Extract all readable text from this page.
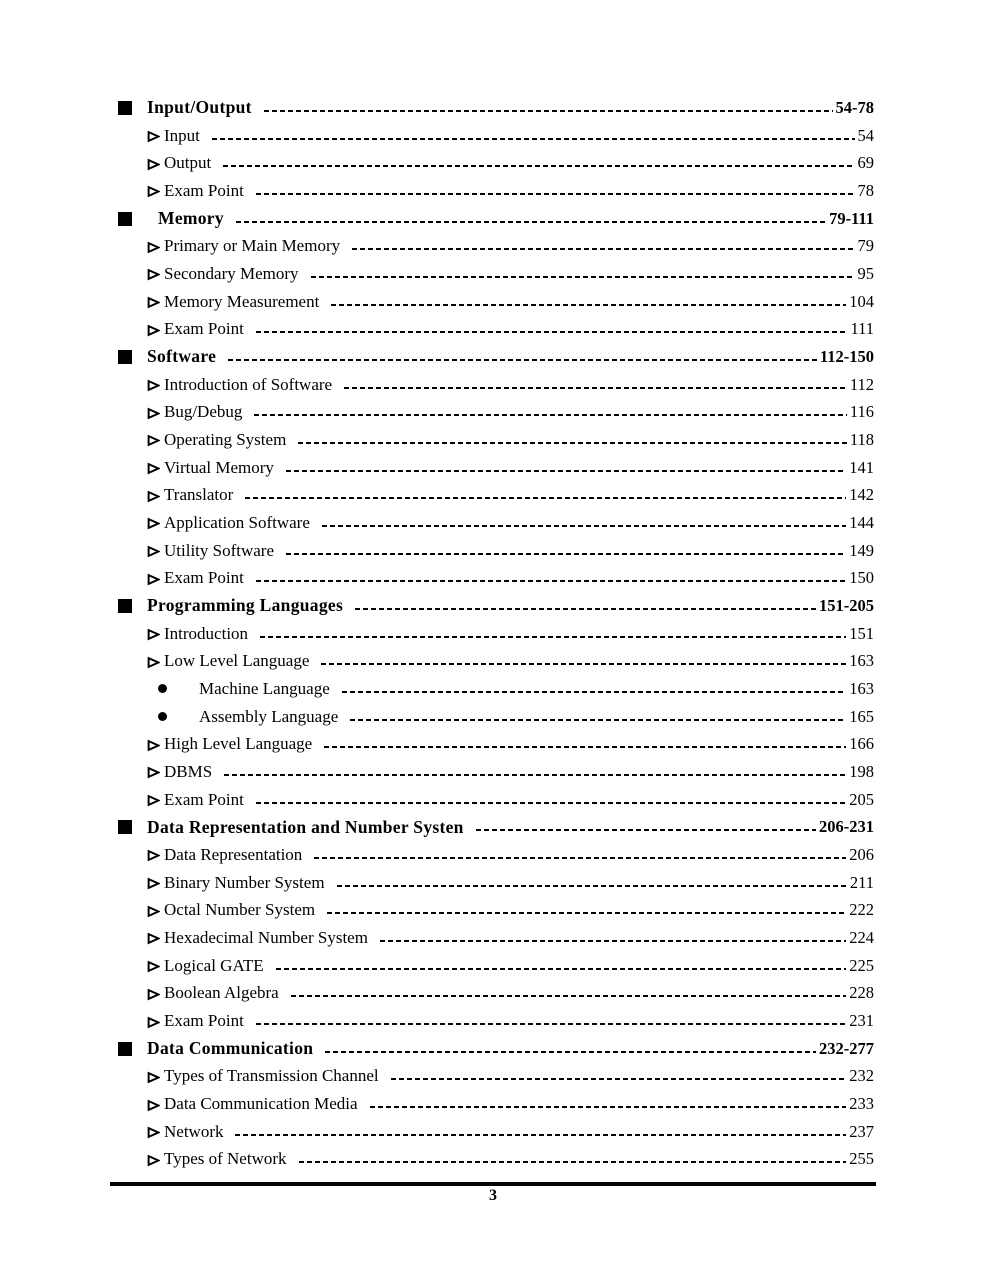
Input/Output	54-78
Input	54
Output	69
Exam Point	78
Memory	79-111
Primary or Main Memory	79
Secondary Memory	95
Memory Measurement	104
Exam Point	111
Software	112-150
Introduction of Software	112
Bug/Debug	116
Operating System	118
Virtual Memory	141
Translator	142
Application Software	144
Utility Software	149
Exam Point	150
Programming Languages	151-205
Introduction	151
Low Level Language	163
Machine Language	163
Assembly Language	165
High Level Language	166
DBMS	198
Exam Point	205
Data Representation and Number Systen	206-231
Data Representation	206
Binary Number System	211
Octal Number System	222
Hexadecimal Number System	224
Logical GATE	225
Boolean Algebra	228
Exam Point	231
Data Communication	232-277
Types of Transmission Channel	232
Data Communication Media	233
Network	237
Types of Network	255
3
